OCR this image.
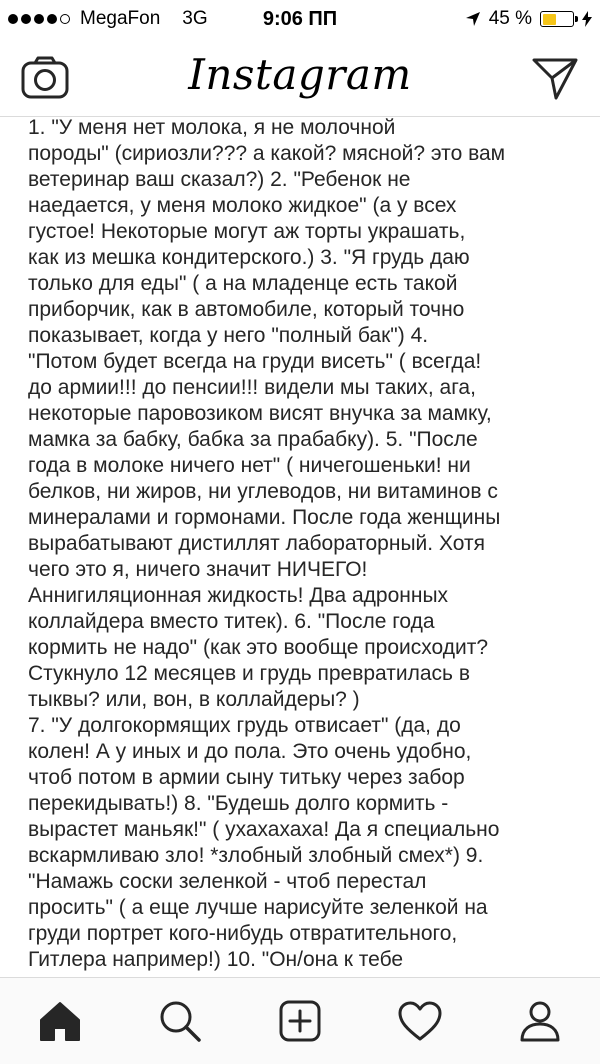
MegaFon 3G	9:06 ПП	45 %
Instagram

1. "У меня нет молока, я не молочной
породы" (сириозли??? а какой? мясной? это вам
ветеринар ваш сказал?) 2. "Ребенок не
наедается, у меня молоко жидкое" (а у всех
густое! Некоторые могут аж торты украшать,
как из мешка кондитерского.) 3. "Я грудь даю
только для еды" ( а на младенце есть такой
приборчик, как в автомобиле, который точно
показывает, когда у него "полный бак") 4.
"Потом будет всегда на груди висеть" ( всегда!
до армии!!! до пенсии!!! видели мы таких, ага,
некоторые паровозиком висят внучка за мамку,
мамка за бабку, бабка за прабабку). 5. "После
года в молоке ничего нет" ( ничегошеньки! ни
белков, ни жиров, ни углеводов, ни витаминов с
минералами и гормонами. После года женщины
вырабатывают дистиллят лабораторный. Хотя
чего это я, ничего значит НИЧЕГО!
Аннигиляционная жидкость! Два адронных
коллайдера вместо титек). 6. "После года
кормить не надо" (как это вообще происходит?
Стукнуло 12 месяцев и грудь превратилась в
тыквы? или, вон, в коллайдеры? )
7. "У долгокормящих грудь отвисает" (да, до
колен! А у иных и до пола. Это очень удобно,
чтоб потом в армии сыну титьку через забор
перекидывать!) 8. "Будешь долго кормить -
вырастет маньяк!" ( ухахахаха! Да я специально
вскармливаю зло! *злобный злобный смех*) 9.
"Намажь соски зеленкой - чтоб перестал
просить" ( а еще лучше нарисуйте зеленкой на
груди портрет кого-нибудь отвратительного,
Гитлера например!) 10. "Он/она к тебе
